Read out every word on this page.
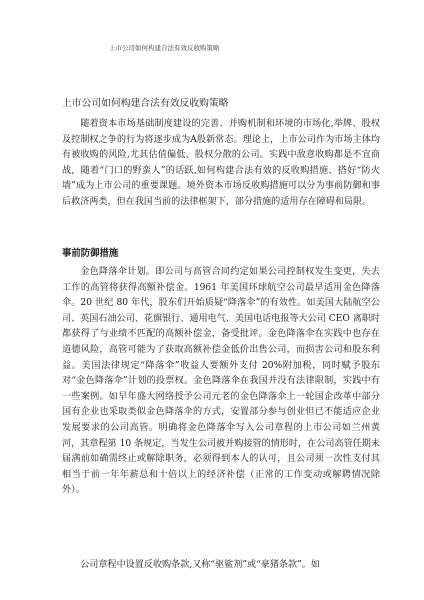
上市公司如何构建合法有效反收购策略
上市公司如何构建合法有效反收购策略

随着资本市场基础制度建设的完善、并购机制和环境的市场化,举牌、股权及控制权之争的行为将逐步成为A股新常态。理论上，上市公司作为市场主体均有被收购的风险,尤其估值偏低、股权分散的公司。实践中敌意收购都是不宜商战，随着“门口的野蛮人”的话跃,如何构建合法有效的反收购措施、搭好“防火墙”成为上市公司的重要课题。境外资本市场反收购措施可以分为事前防御和事后救济两类，但在我国当前的法律框架下，部分措施的适用存在障碍和局限。

事前防御措施

金色降落伞计划。即公司与高管合同约定如果公司控制权发生变更，失去工作的高管将获得高额补偿金。1961 年美国环球航空公司最早适用金色降落伞。20 世纪 80 年代，股东们开始质疑“降落伞”的有效性。如美国大陆航空公司、英国石油公司、花旗银行、通用电气、美国电话电报等大公司 CEO 离职时都获得了与业绩不匹配的高额补偿金，备受批评。金色降落伞在实践中也存在道德风险，高管可能为了获取高额补偿金低价出售公司，而损害公司和股东利益。美国法律规定“降落伞”收益人要额外支付 20%附加税，同时赋予股东对“金色降落伞”计划的投票权。金色降落伞在我国并没有法律限制，实践中有一些案例。如早年盛大网络授予公司元老的金色降落伞上一轮国企改革中部分国有企业也采取类似金色降落伞的方式，安置部分参与创业但已不能适应企业发展要求的公司高管。明确将金色降落伞写入公司章程的上市公司如兰州黄河，其章程第 10 条规定，当发生公司被并购接管的情形时，在公司高管任期未届满前如确需终止或解除职务，必须得到本人的认可，且公司须一次性支付其相当于前一年年薪总和十倍以上的经济补偿（正常的工作变动或解聘情况除外）。

公司章程中设置反收购条款,又称“驱鲨剂”或“豪猪条款”。如
